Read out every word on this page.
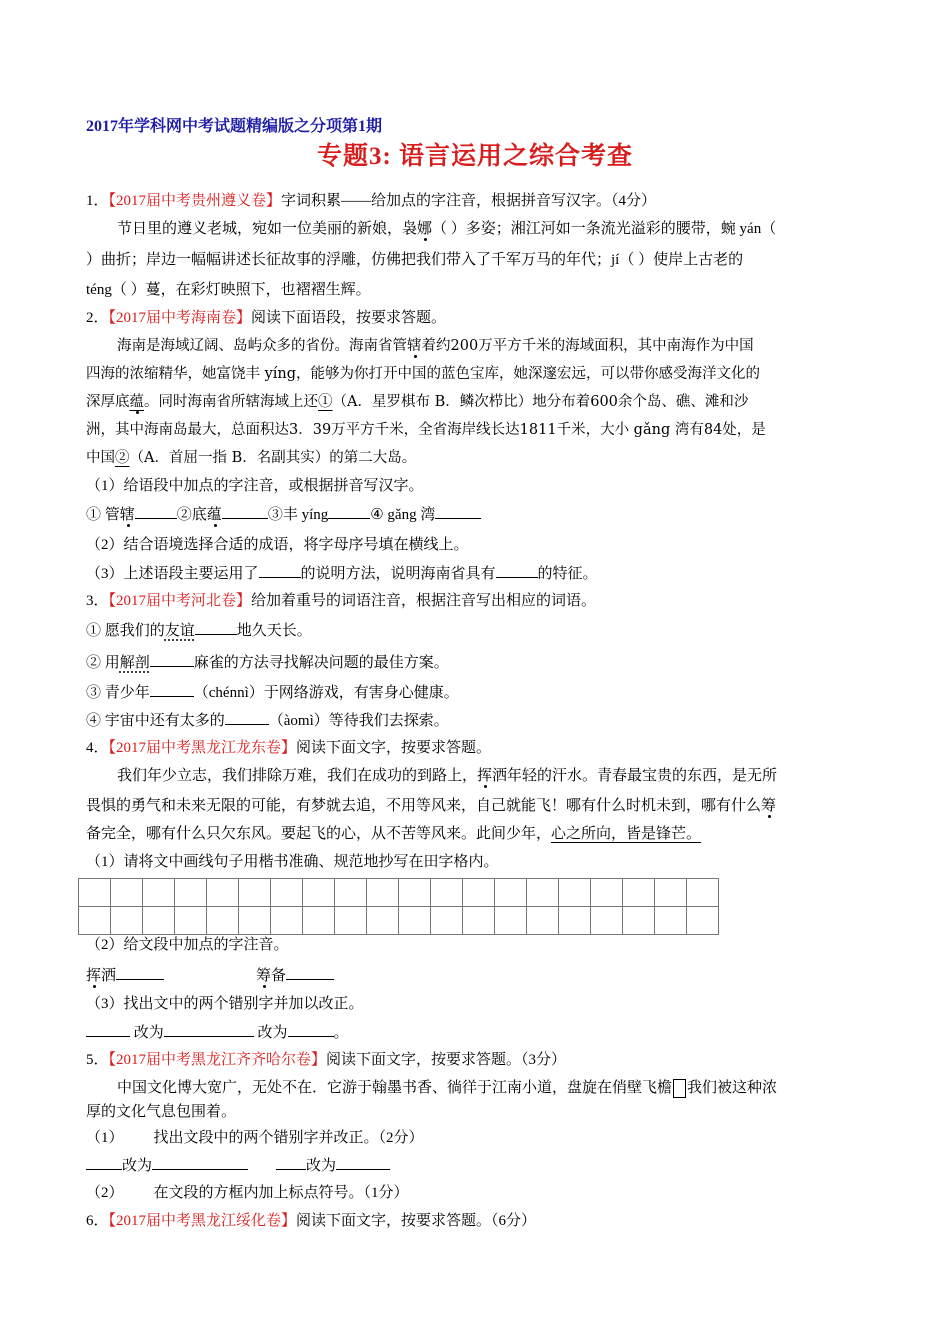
2017年学科网中考试题精编版之分项第1期
专题3: 语言运用之综合考查
1．【2017届中考贵州遵义卷】字词积累——给加点的字注音，根据拼音写汉字。（4分）
节日里的遵义老城，宛如一位美丽的新娘，袅娜（ ）多姿；湘江河如一条流光溢彩的腰带，蜿 yán（
）曲折；岸边一幅幅讲述长征故事的浮雕，仿佛把我们带入了千军万马的年代；jí（ ）使岸上古老的
téng（ ）蔓，在彩灯映照下，也褶褶生辉。
2．【2017届中考海南卷】阅读下面语段，按要求答题。
海南是海域辽阔、岛屿众多的省份。海南省管辖着约200万平方千米的海域面积，其中南海作为中国
四海的浓缩精华，她富饶丰 yíng，能够为你打开中国的蓝色宝库，她深邃宏远，可以带你感受海洋文化的
深厚底蕴。同时海南省所辖海域上还①（A．星罗棋布 B．鳞次栉比）地分布着600余个岛、礁、滩和沙
洲，其中海南岛最大，总面积达3．39万平方千米，全省海岸线长达1811千米，大小 gǎng 湾有84处，是
中国②（A．首屈一指 B．名副其实）的第二大岛。
（1）给语段中加点的字注音，或根据拼音写汉字。
① 管辖	②底蕴	③丰 yíng	④ gǎng 湾
（2）结合语境选择合适的成语，将字母序号填在横线上。
（3）上述语段主要运用了	的说明方法，说明海南省具有	的特征。
3．【2017届中考河北卷】给加着重号的词语注音，根据注音写出相应的词语。
① 愿我们的友谊	地久天长。
② 用解剖	麻雀的方法寻找解决问题的最佳方案。
③ 青少年	（chénnì）于网络游戏，有害身心健康。
④ 宇宙中还有太多的	（àomì）等待我们去探索。
4．【2017届中考黑龙江龙东卷】阅读下面文字，按要求答题。
我们年少立志，我们排除万难，我们在成功的到路上，挥洒年轻的汗水。青春最宝贵的东西，是无所
畏惧的勇气和未来无限的可能，有梦就去追，不用等风来，自己就能飞！哪有什么时机未到，哪有什么筹
备完全，哪有什么只欠东风。要起飞的心，从不苦等风来。此间少年，心之所向，皆是锋芒。
（1）请将文中画线句子用楷书准确、规范地抄写在田字格内。

（2）给文段中加点的字注音。
挥洒	筹备
（3）找出文中的两个错别字并加以改正。
改为	改为	。
5．【2017届中考黑龙江齐齐哈尔卷】阅读下面文字，按要求答题。（3分）
中国文化博大宽广，无处不在．它游于翰墨书香、徜徉于江南小道，盘旋在俏壁飞檐 我们被这种浓
厚的文化气息包围着。
（1） 找出文段中的两个错别字并改正。（2分）
改为	改为
（2） 在文段的方框内加上标点符号。（1分）
6．【2017届中考黑龙江绥化卷】阅读下面文字，按要求答题。（6分）
